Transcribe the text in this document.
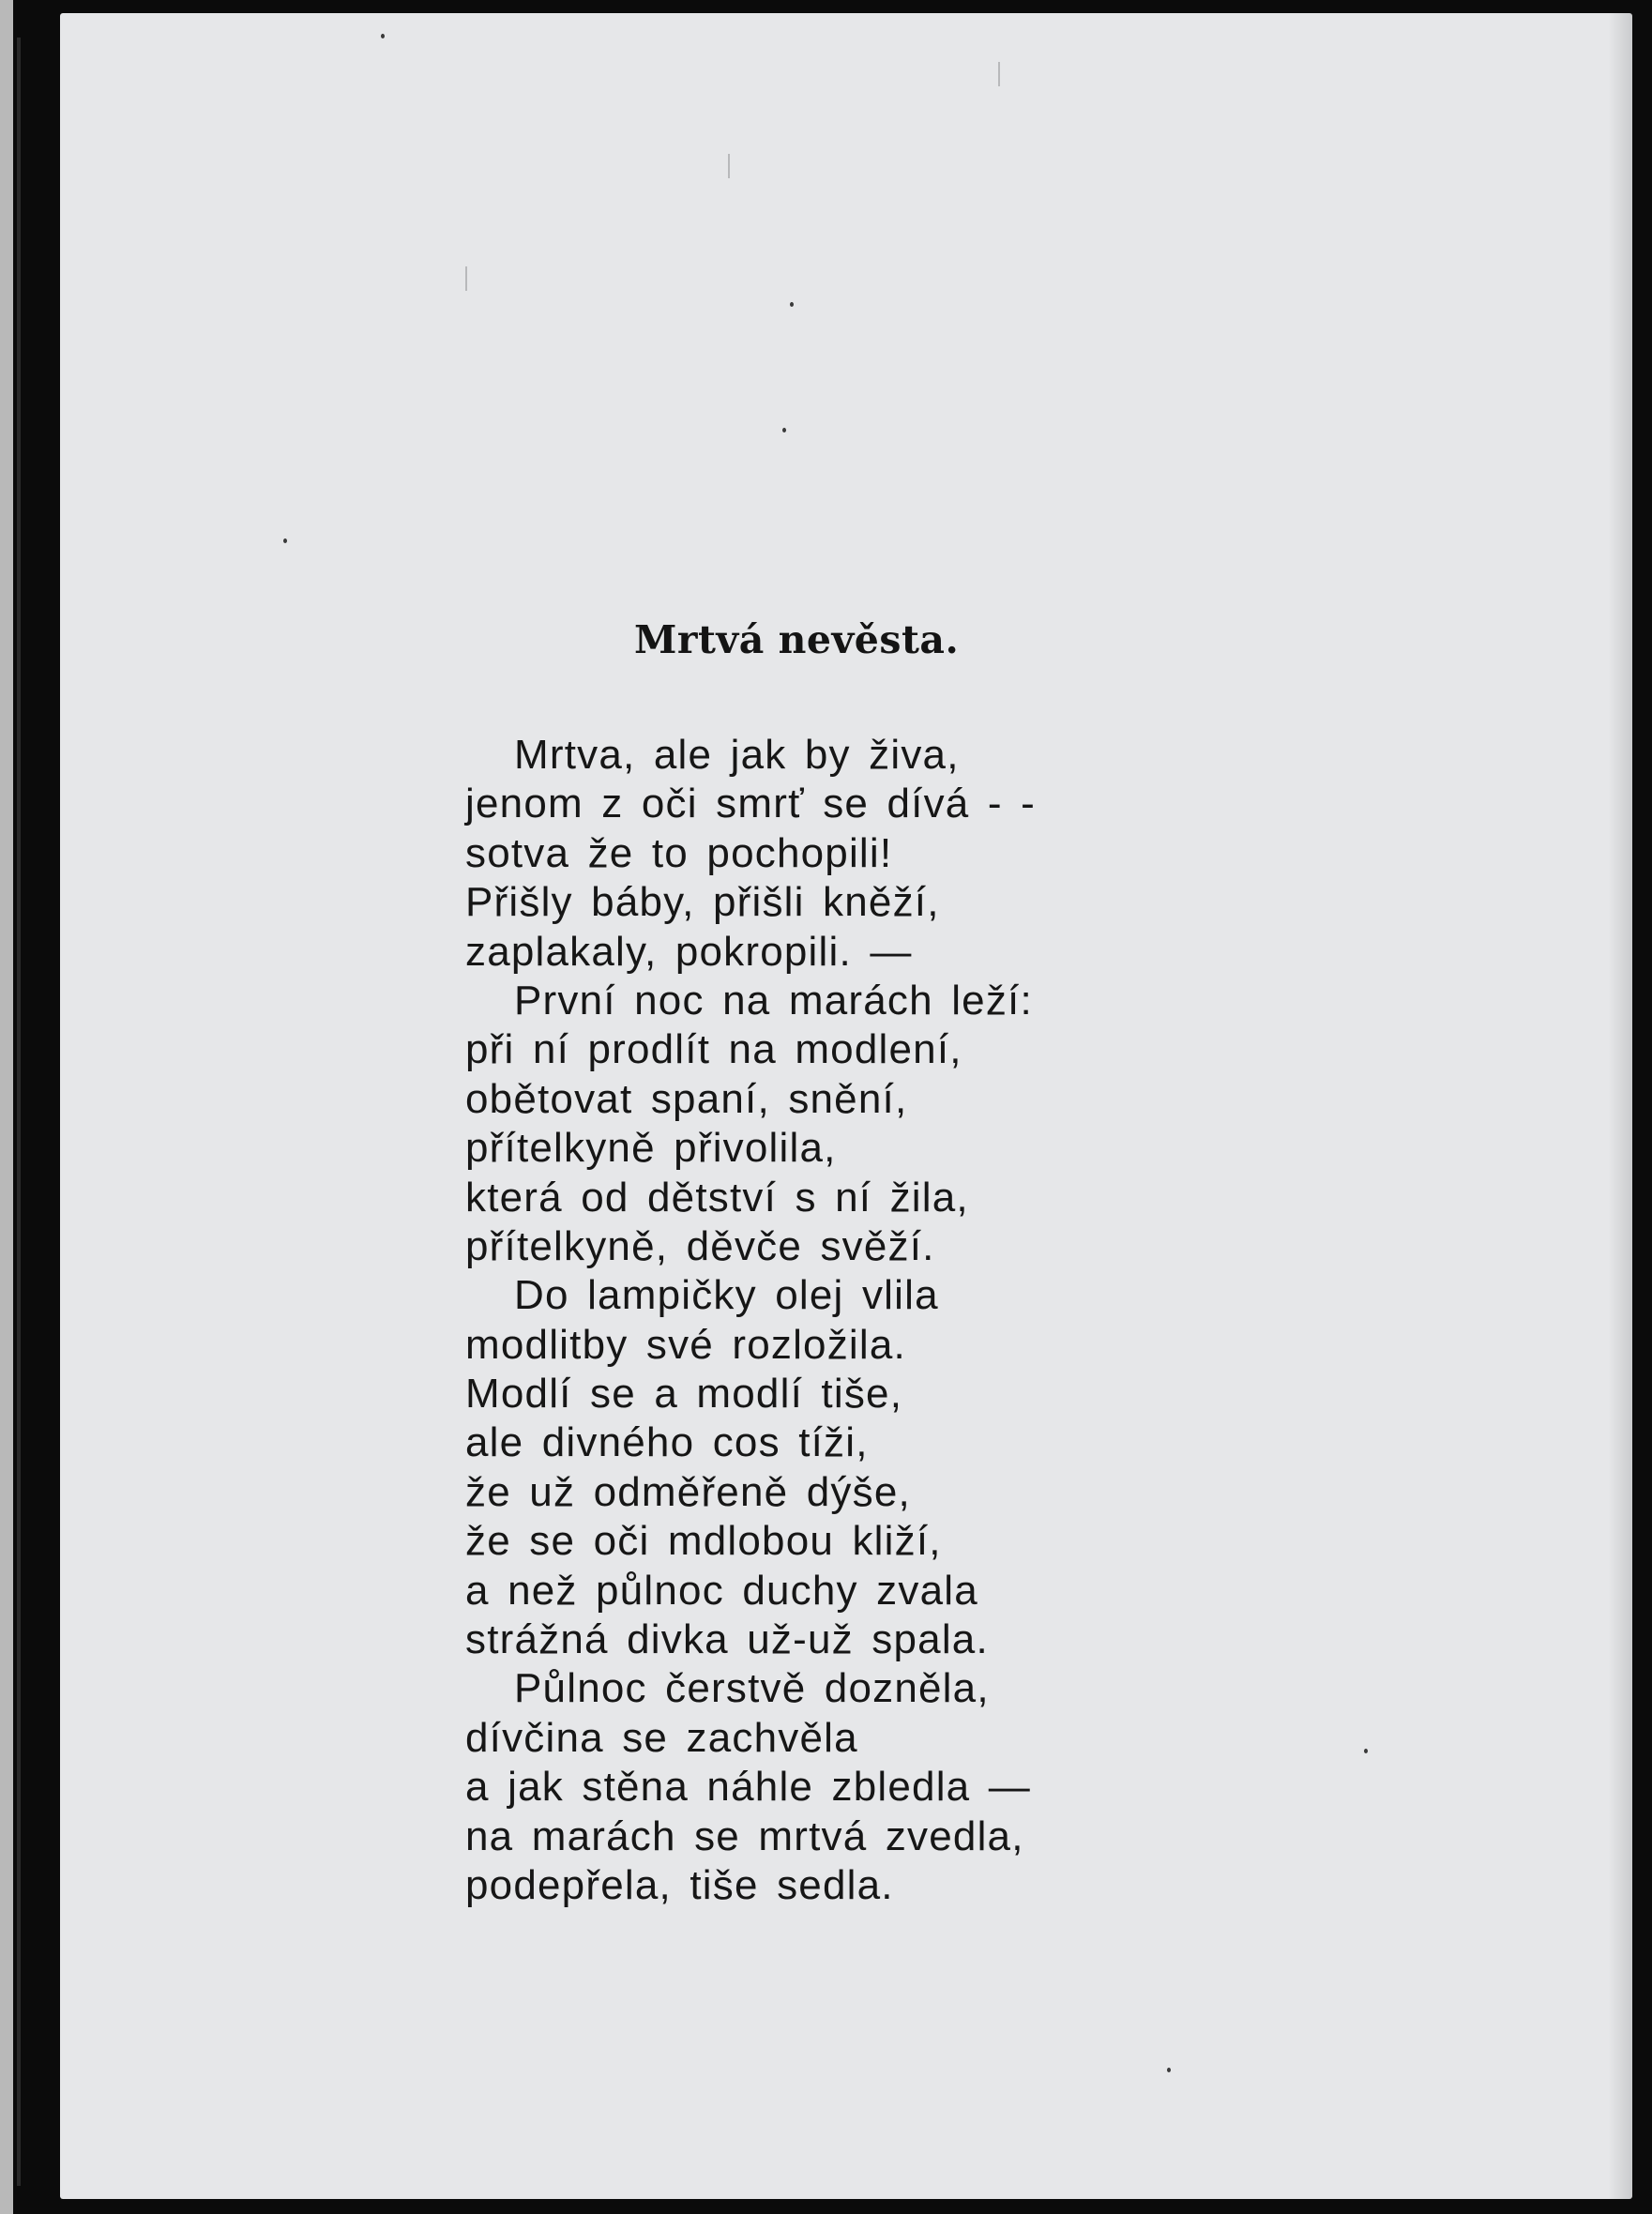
Mrtvá nevěsta.
Mrtva, ale jak by živa,
jenom z oči smrť se dívá - -
sotva že to pochopili!
Přišly báby, přišli kněží,
zaplakaly, pokropili. —
První noc na marách leží:
při ní prodlít na modlení,
obětovat spaní, snění,
přítelkyně přivolila,
která od dětství s ní žila,
přítelkyně, děvče svěží.
Do lampičky olej vlila
modlitby své rozložila.
Modlí se a modlí tiše,
ale divného cos tíži,
že už odměřeně dýše,
že se oči mdlobou kliží,
a než půlnoc duchy zvala
strážná divka už-už spala.
Půlnoc čerstvě dozněla,
dívčina se zachvěla
a jak stěna náhle zbledla —
na marách se mrtvá zvedla,
podepřela, tiše sedla.
